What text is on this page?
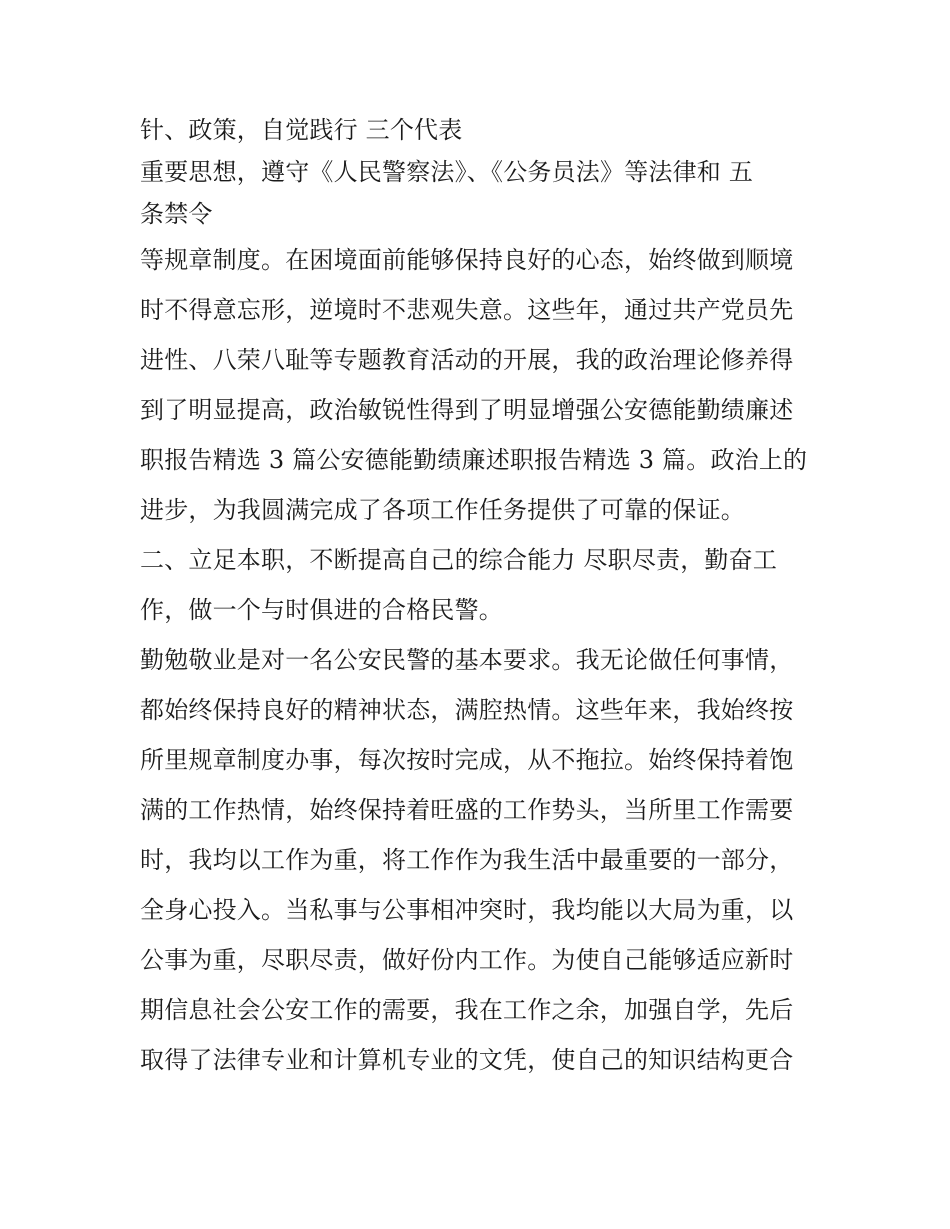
针、政策，自觉践行 三个代表
重要思想，遵守《人民警察法》、《公务员法》等法律和 五
条禁令
等规章制度。在困境面前能够保持良好的心态，始终做到顺境
时不得意忘形，逆境时不悲观失意。这些年，通过共产党员先
进性、八荣八耻等专题教育活动的开展，我的政治理论修养得
到了明显提高，政治敏锐性得到了明显增强公安德能勤绩廉述
职报告精选 3 篇公安德能勤绩廉述职报告精选 3 篇。政治上的
进步，为我圆满完成了各项工作任务提供了可靠的保证。
二、立足本职，不断提高自己的综合能力 尽职尽责，勤奋工
作，做一个与时俱进的合格民警。
勤勉敬业是对一名公安民警的基本要求。我无论做任何事情，
都始终保持良好的精神状态，满腔热情。这些年来，我始终按
所里规章制度办事，每次按时完成，从不拖拉。始终保持着饱
满的工作热情，始终保持着旺盛的工作势头，当所里工作需要
时，我均以工作为重，将工作作为我生活中最重要的一部分，
全身心投入。当私事与公事相冲突时，我均能以大局为重，以
公事为重，尽职尽责，做好份内工作。为使自己能够适应新时
期信息社会公安工作的需要，我在工作之余，加强自学，先后
取得了法律专业和计算机专业的文凭，使自己的知识结构更合
